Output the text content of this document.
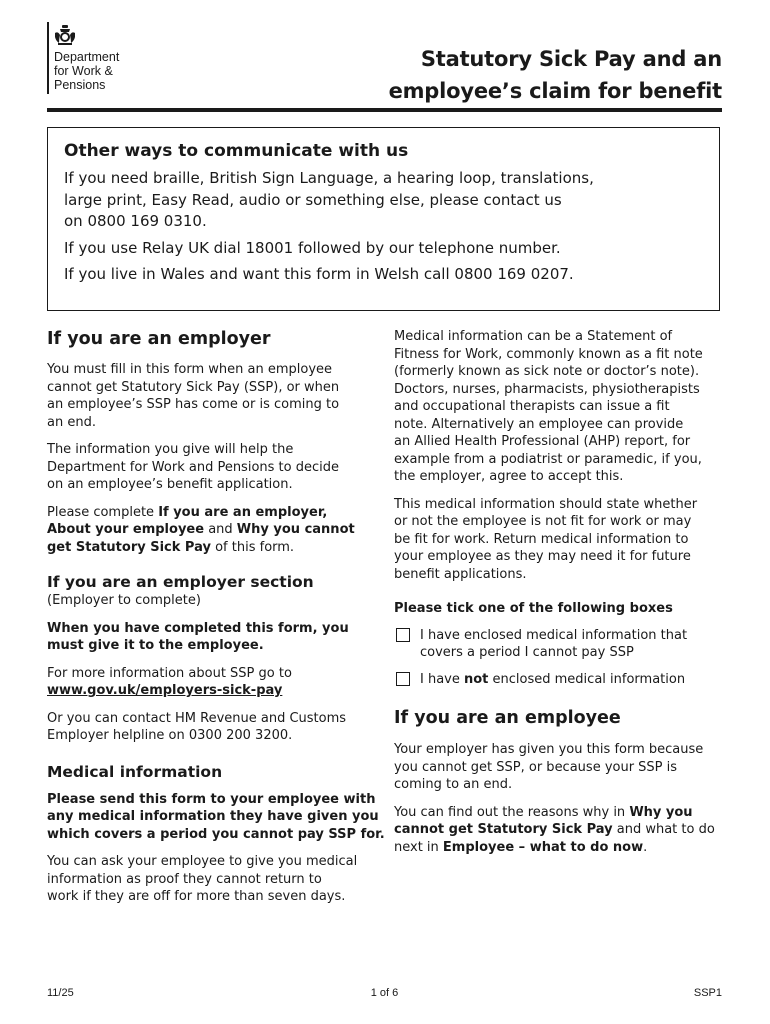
Department
for Work &
Pensions
Statutory Sick Pay and an
employee’s claim for benefit
Other ways to communicate with us

If you need braille, British Sign Language, a hearing loop, translations,
large print, Easy Read, audio or something else, please contact us
on 0800 169 0310.

If you use Relay UK dial 18001 followed by our telephone number.

If you live in Wales and want this form in Welsh call 0800 169 0207.

If you are an employer

You must fill in this form when an employee
cannot get Statutory Sick Pay (SSP), or when
an employee’s SSP has come or is coming to
an end.

The information you give will help the
Department for Work and Pensions to decide
on an employee’s benefit application.

Please complete If you are an employer,
About your employee and Why you cannot
get Statutory Sick Pay of this form.

If you are an employer section

(Employer to complete)

When you have completed this form, you
must give it to the employee.

For more information about SSP go to
www.gov.uk/employers-sick-pay

Or you can contact HM Revenue and Customs
Employer helpline on 0300 200 3200.

Medical information

Please send this form to your employee with
any medical information they have given you
which covers a period you cannot pay SSP for.

You can ask your employee to give you medical
information as proof they cannot return to
work if they are off for more than seven days.

Medical information can be a Statement of
Fitness for Work, commonly known as a fit note
(formerly known as sick note or doctor’s note).
Doctors, nurses, pharmacists, physiotherapists
and occupational therapists can issue a fit
note. Alternatively an employee can provide
an Allied Health Professional (AHP) report, for
example from a podiatrist or paramedic, if you,
the employer, agree to accept this.

This medical information should state whether
or not the employee is not fit for work or may
be fit for work. Return medical information to
your employee as they may need it for future
benefit applications.

Please tick one of the following boxes

I have enclosed medical information that
covers a period I cannot pay SSP
I have not enclosed medical information
If you are an employee

Your employer has given you this form because
you cannot get SSP, or because your SSP is
coming to an end.

You can find out the reasons why in Why you
cannot get Statutory Sick Pay and what to do
next in Employee – what to do now.

11/25	1 of 6	SSP1
